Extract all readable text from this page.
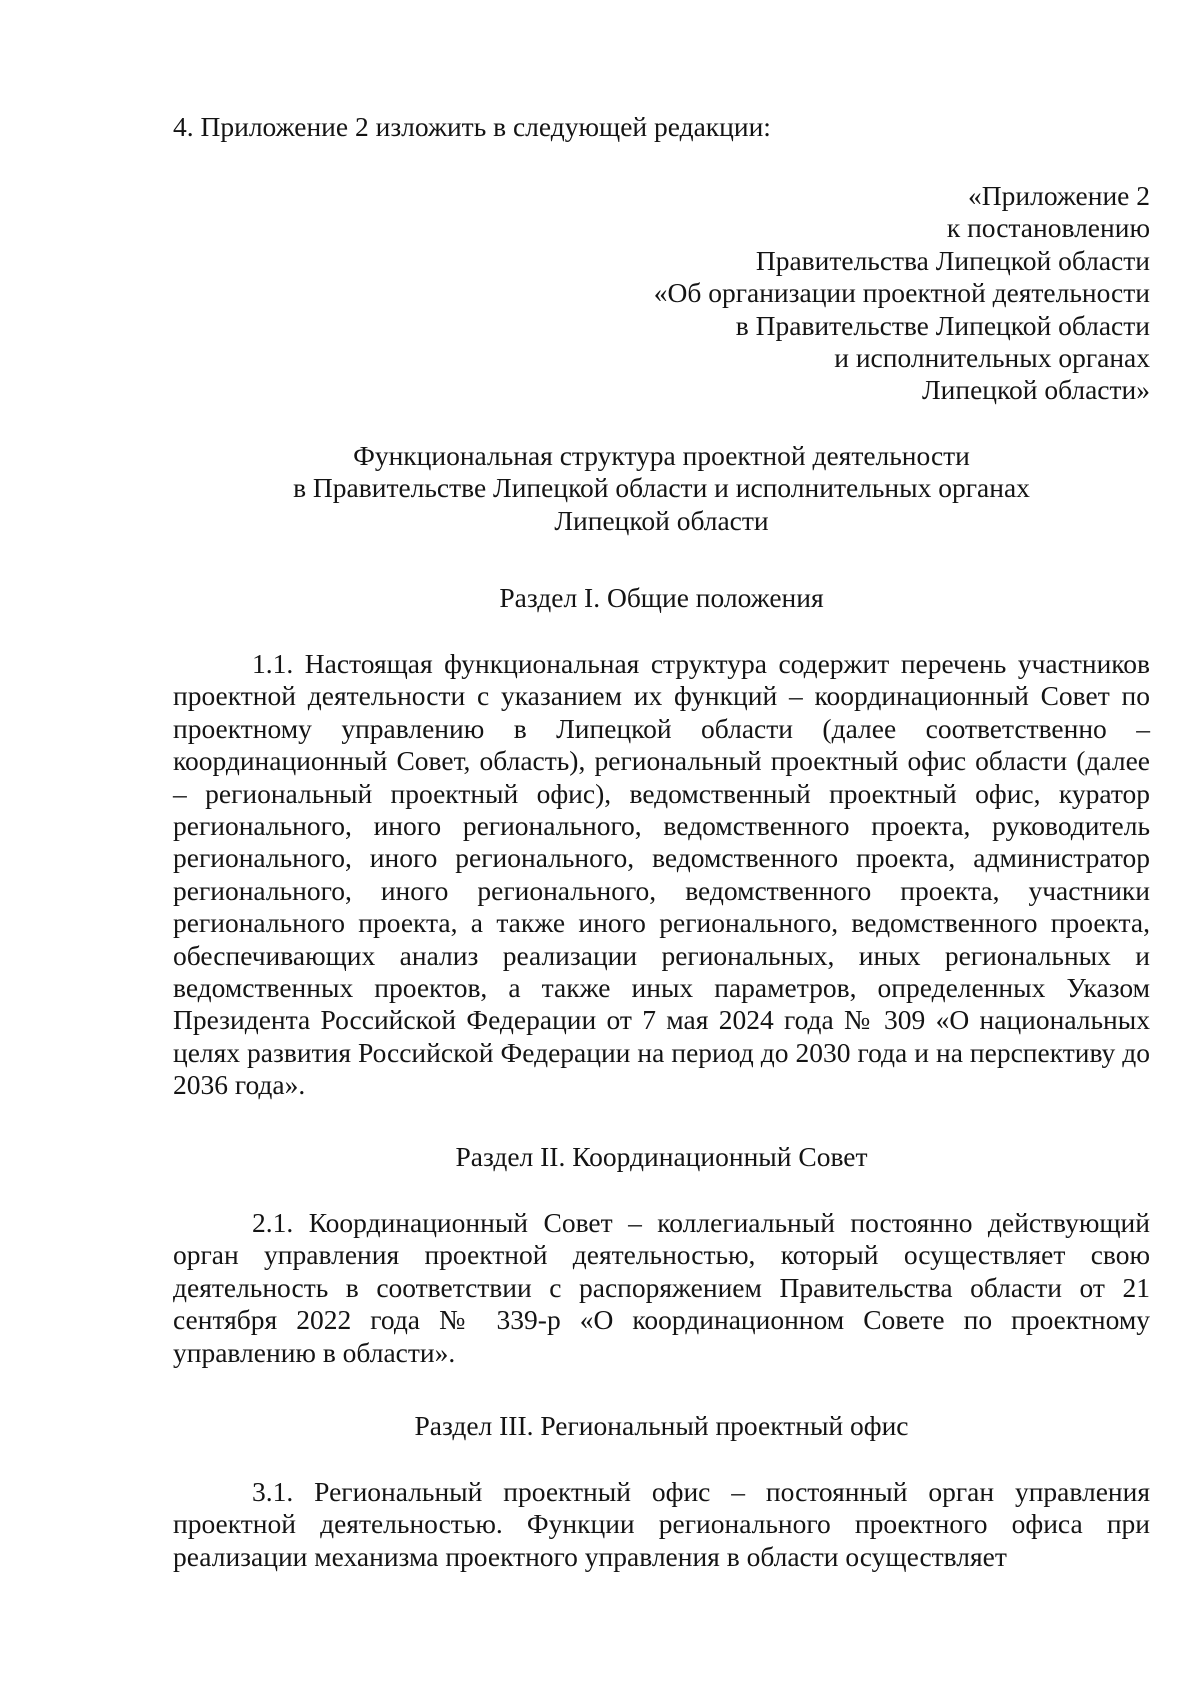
4. Приложение 2 изложить в следующей редакции:
«Приложение 2
к постановлению
Правительства Липецкой области
«Об организации проектной деятельности
в Правительстве Липецкой области
и исполнительных органах
Липецкой области»
Функциональная структура проектной деятельности
в Правительстве Липецкой области и исполнительных органах
Липецкой области
Раздел I. Общие положения
1.1. Настоящая функциональная структура содержит перечень участников проектной деятельности с указанием их функций – координационный Совет по проектному управлению в Липецкой области (далее соответственно – координационный Совет, область), региональный проектный офис области (далее – региональный проектный офис), ведомственный проектный офис, куратор регионального, иного регионального, ведомственного проекта, руководитель регионального, иного регионального, ведомственного проекта, администратор регионального, иного регионального, ведомственного проекта, участники регионального проекта, а также иного регионального, ведомственного проекта, обеспечивающих анализ реализации региональных, иных региональных и ведомственных проектов, а также иных параметров, определенных Указом Президента Российской Федерации от 7 мая 2024 года № 309 «О национальных целях развития Российской Федерации на период до 2030 года и на перспективу до 2036 года».
Раздел II. Координационный Совет
2.1. Координационный Совет – коллегиальный постоянно действующий орган управления проектной деятельностью, который осуществляет свою деятельность в соответствии с распоряжением Правительства области от 21 сентября 2022 года № 339-р «О координационном Совете по проектному управлению в области».
Раздел III. Региональный проектный офис
3.1. Региональный проектный офис – постоянный орган управления проектной деятельностью. Функции регионального проектного офиса при реализации механизма проектного управления в области осуществляет
